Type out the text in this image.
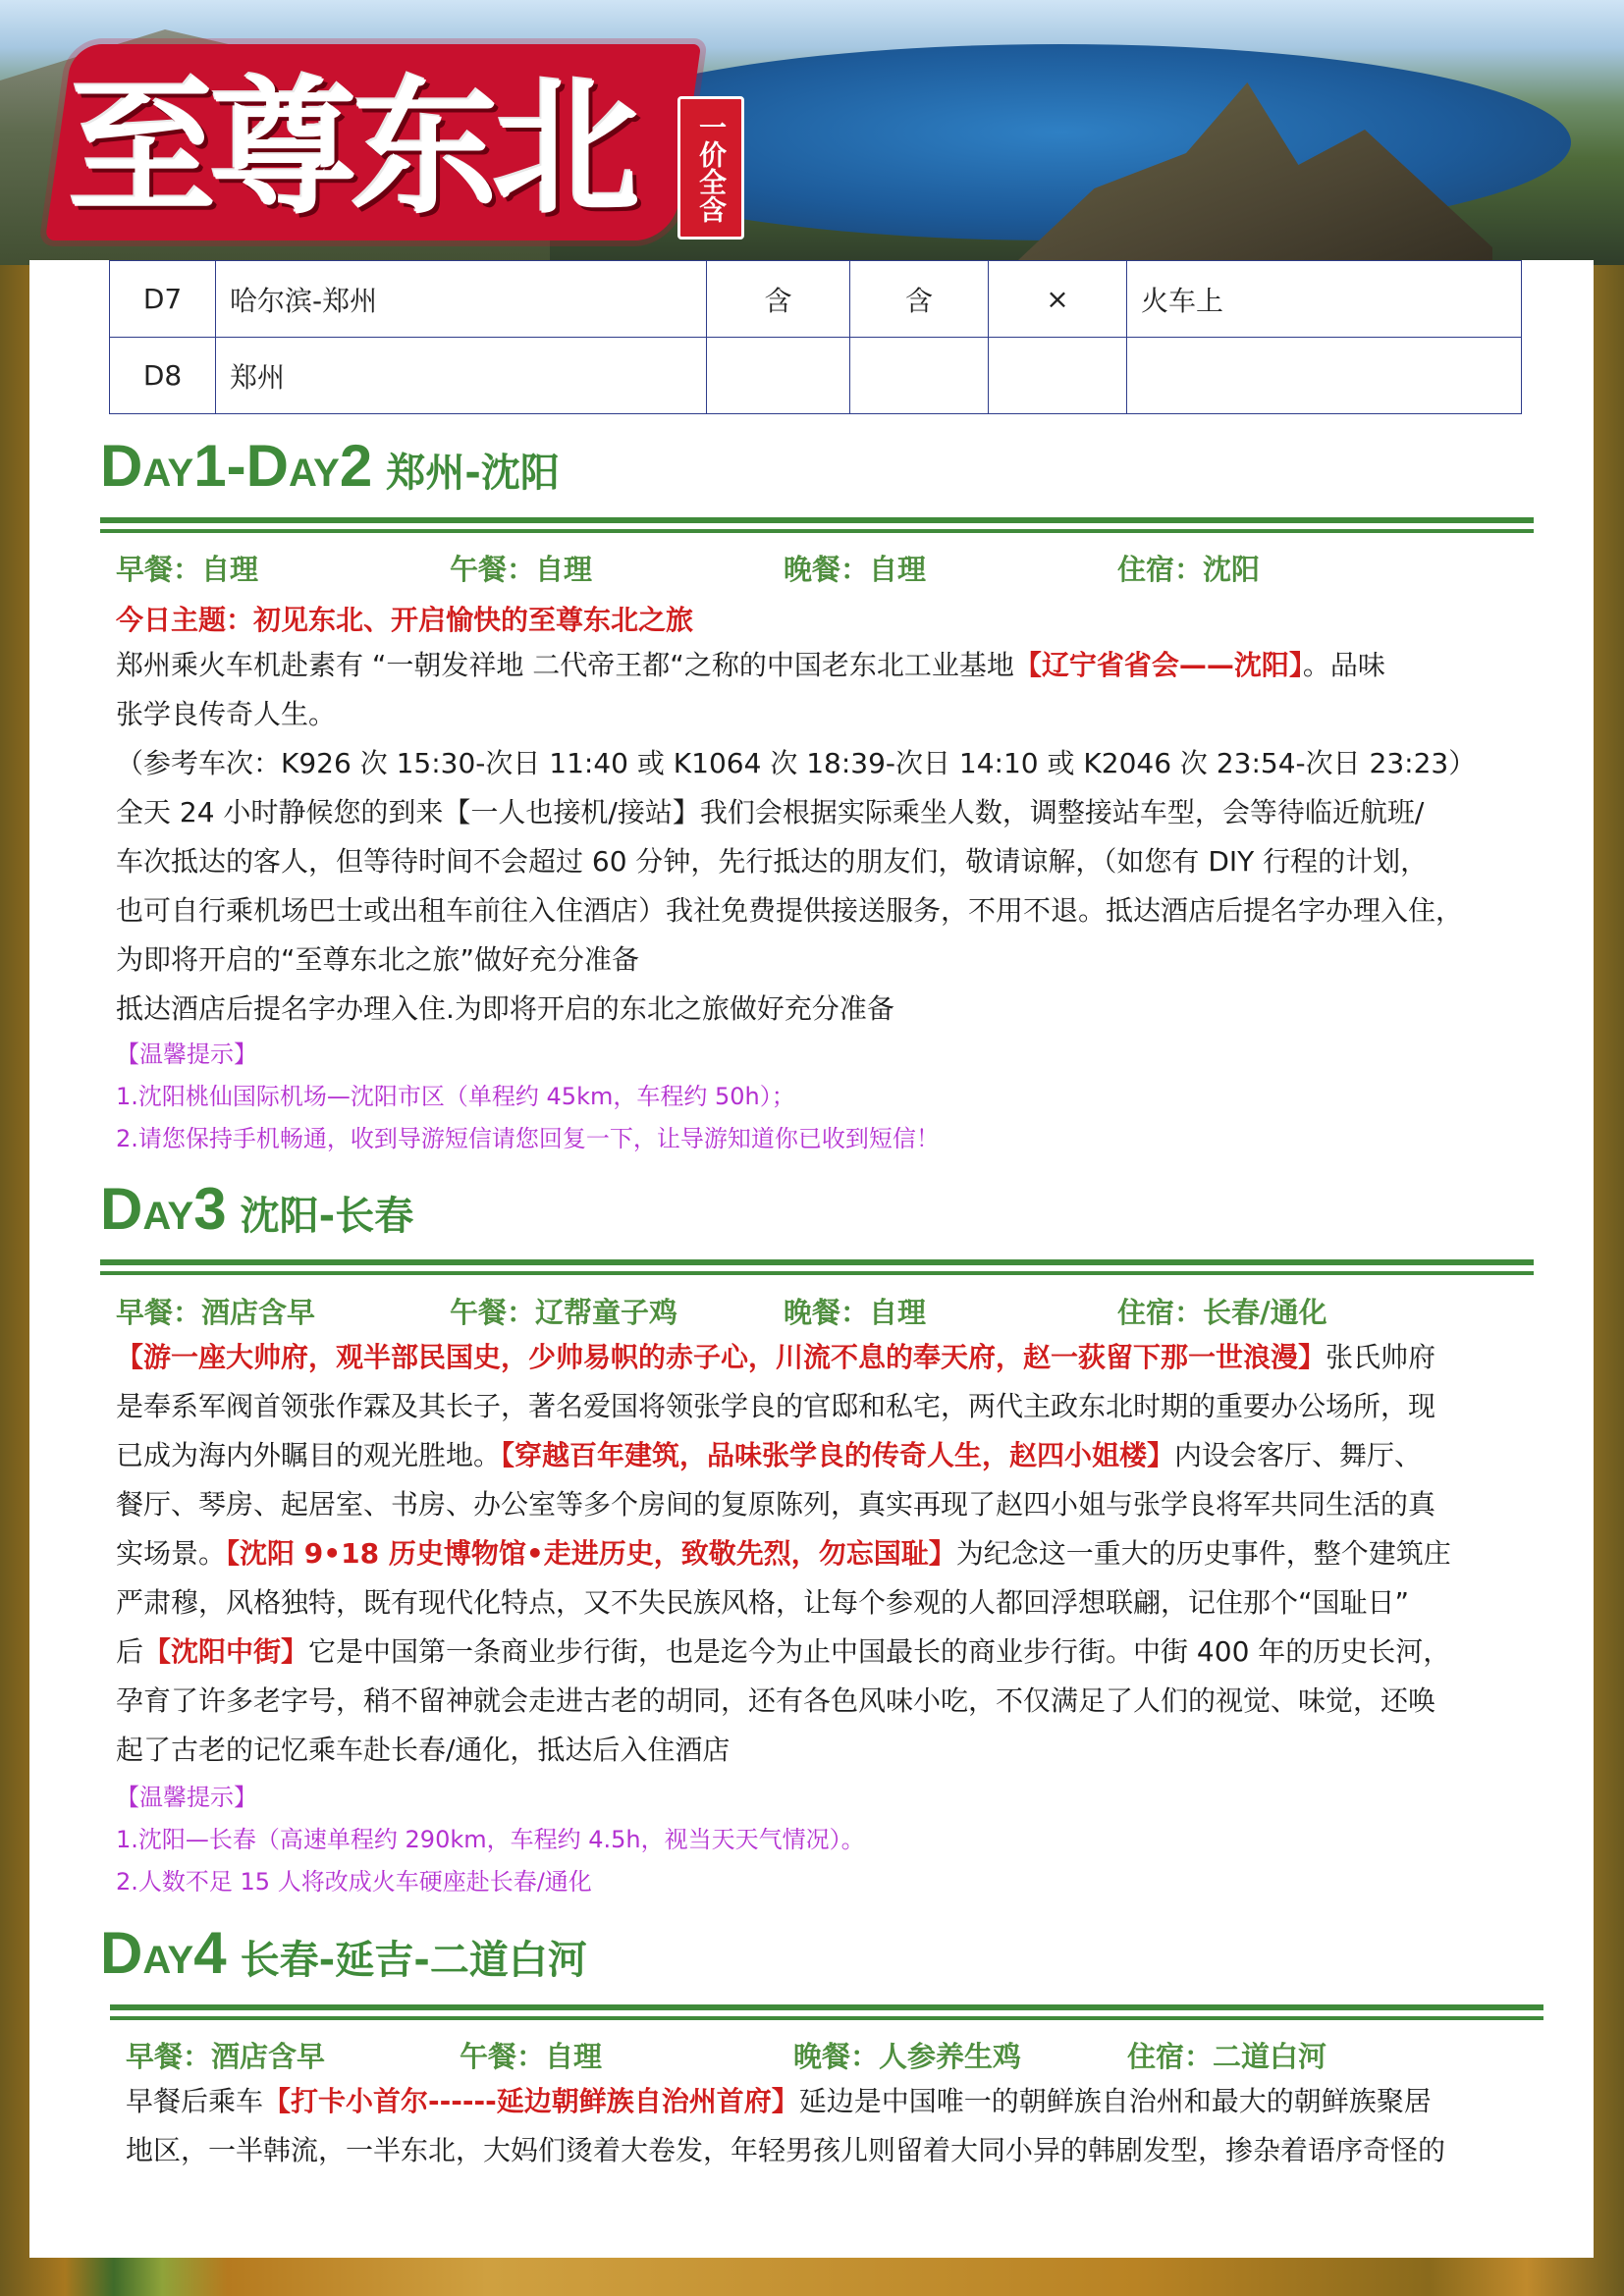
至尊东北	一价全含
D7	哈尔滨-郑州	含	含	×	火车上
D8	郑州				
DAY1-DAY2 郑州-沈阳
早餐：自理	午餐：自理	晚餐：自理	住宿：沈阳
今日主题：初见东北、开启愉快的至尊东北之旅
郑州乘火车机赴素有 “一朝发祥地 二代帝王都“之称的中国老东北工业基地【辽宁省省会——沈阳】。品味
张学良传奇人生。
（参考车次：K926 次 15:30-次日 11:40 或 K1064 次 18:39-次日 14:10 或 K2046 次 23:54-次日 23:23）
全天 24 小时静候您的到来【一人也接机/接站】我们会根据实际乘坐人数，调整接站车型，会等待临近航班/
车次抵达的客人，但等待时间不会超过 60 分钟，先行抵达的朋友们，敬请谅解，（如您有 DIY 行程的计划，
也可自行乘机场巴士或出租车前往入住酒店）我社免费提供接送服务，不用不退。抵达酒店后提名字办理入住，
为即将开启的“至尊东北之旅”做好充分准备
抵达酒店后提名字办理入住.为即将开启的东北之旅做好充分准备
【温馨提示】
1.沈阳桃仙国际机场—沈阳市区（单程约 45km，车程约 50h）；
2.请您保持手机畅通，收到导游短信请您回复一下，让导游知道你已收到短信！
DAY3 沈阳-长春
早餐：酒店含早	午餐：辽帮童子鸡	晚餐：自理	住宿：长春/通化
【游一座大帅府，观半部民国史，少帅易帜的赤子心，川流不息的奉天府，赵一荻留下那一世浪漫】张氏帅府
是奉系军阀首领张作霖及其长子，著名爱国将领张学良的官邸和私宅，两代主政东北时期的重要办公场所，现
已成为海内外瞩目的观光胜地。【穿越百年建筑，品味张学良的传奇人生，赵四小姐楼】内设会客厅、舞厅、
餐厅、琴房、起居室、书房、办公室等多个房间的复原陈列，真实再现了赵四小姐与张学良将军共同生活的真
实场景。【沈阳 9•18 历史博物馆•走进历史，致敬先烈，勿忘国耻】为纪念这一重大的历史事件，整个建筑庄
严肃穆，风格独特，既有现代化特点，又不失民族风格，让每个参观的人都回浮想联翩，记住那个“国耻日”
后【沈阳中街】它是中国第一条商业步行街，也是迄今为止中国最长的商业步行街。中街 400 年的历史长河，
孕育了许多老字号，稍不留神就会走进古老的胡同，还有各色风味小吃，不仅满足了人们的视觉、味觉，还唤
起了古老的记忆乘车赴长春/通化，抵达后入住酒店
【温馨提示】
1.沈阳—长春（高速单程约 290km，车程约 4.5h，视当天天气情况）。
2.人数不足 15 人将改成火车硬座赴长春/通化
DAY4 长春-延吉-二道白河
早餐：酒店含早	午餐：自理	晚餐：人参养生鸡	住宿：二道白河
早餐后乘车【打卡小首尔------延边朝鲜族自治州首府】延边是中国唯一的朝鲜族自治州和最大的朝鲜族聚居
地区，一半韩流，一半东北，大妈们烫着大卷发，年轻男孩儿则留着大同小异的韩剧发型，掺杂着语序奇怪的
